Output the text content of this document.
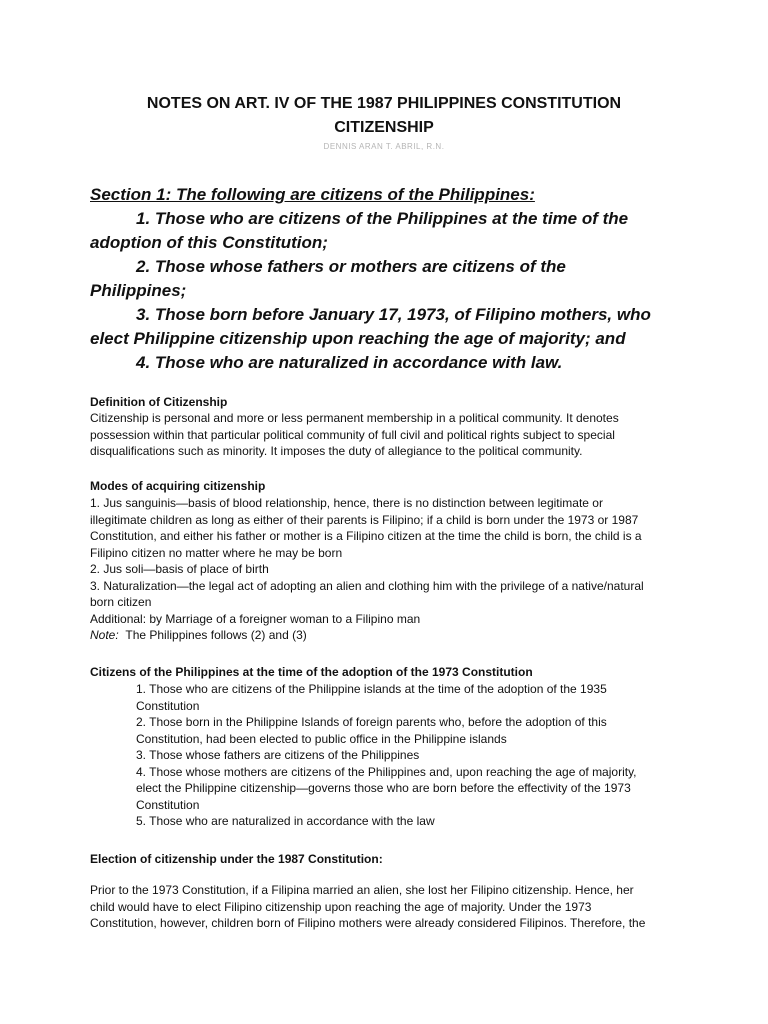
NOTES ON ART. IV OF THE 1987 PHILIPPINES CONSTITUTION
CITIZENSHIP
DENNIS ARAN T. ABRIL, R.N.
Section 1: The following are citizens of the Philippines:
1. Those who are citizens of the Philippines at the time of the
adoption of this Constitution;
2. Those whose fathers or mothers are citizens of the
Philippines;
3. Those born before January 17, 1973, of Filipino mothers, who
elect Philippine citizenship upon reaching the age of majority; and
4. Those who are naturalized in accordance with law.
Definition of Citizenship
Citizenship is personal and more or less permanent membership in a political community. It denotes
possession within that particular political community of full civil and political rights subject to special
disqualifications such as minority. It imposes the duty of allegiance to the political community.
Modes of acquiring citizenship
1. Jus sanguinis—basis of blood relationship, hence, there is no distinction between legitimate or
illegitimate children as long as either of their parents is Filipino; if a child is born under the 1973 or 1987
Constitution, and either his father or mother is a Filipino citizen at the time the child is born, the child is a
Filipino citizen no matter where he may be born
2. Jus soli—basis of place of birth
3. Naturalization—the legal act of adopting an alien and clothing him with the privilege of a native/natural
born citizen
Additional: by Marriage of a foreigner woman to a Filipino man
Note: The Philippines follows (2) and (3)
Citizens of the Philippines at the time of the adoption of the 1973 Constitution
1. Those who are citizens of the Philippine islands at the time of the adoption of the 1935
Constitution
2. Those born in the Philippine Islands of foreign parents who, before the adoption of this
Constitution, had been elected to public office in the Philippine islands
3. Those whose fathers are citizens of the Philippines
4. Those whose mothers are citizens of the Philippines and, upon reaching the age of majority,
elect the Philippine citizenship—governs those who are born before the effectivity of the 1973
Constitution
5. Those who are naturalized in accordance with the law
Election of citizenship under the 1987 Constitution:
Prior to the 1973 Constitution, if a Filipina married an alien, she lost her Filipino citizenship. Hence, her
child would have to elect Filipino citizenship upon reaching the age of majority. Under the 1973
Constitution, however, children born of Filipino mothers were already considered Filipinos. Therefore, the
